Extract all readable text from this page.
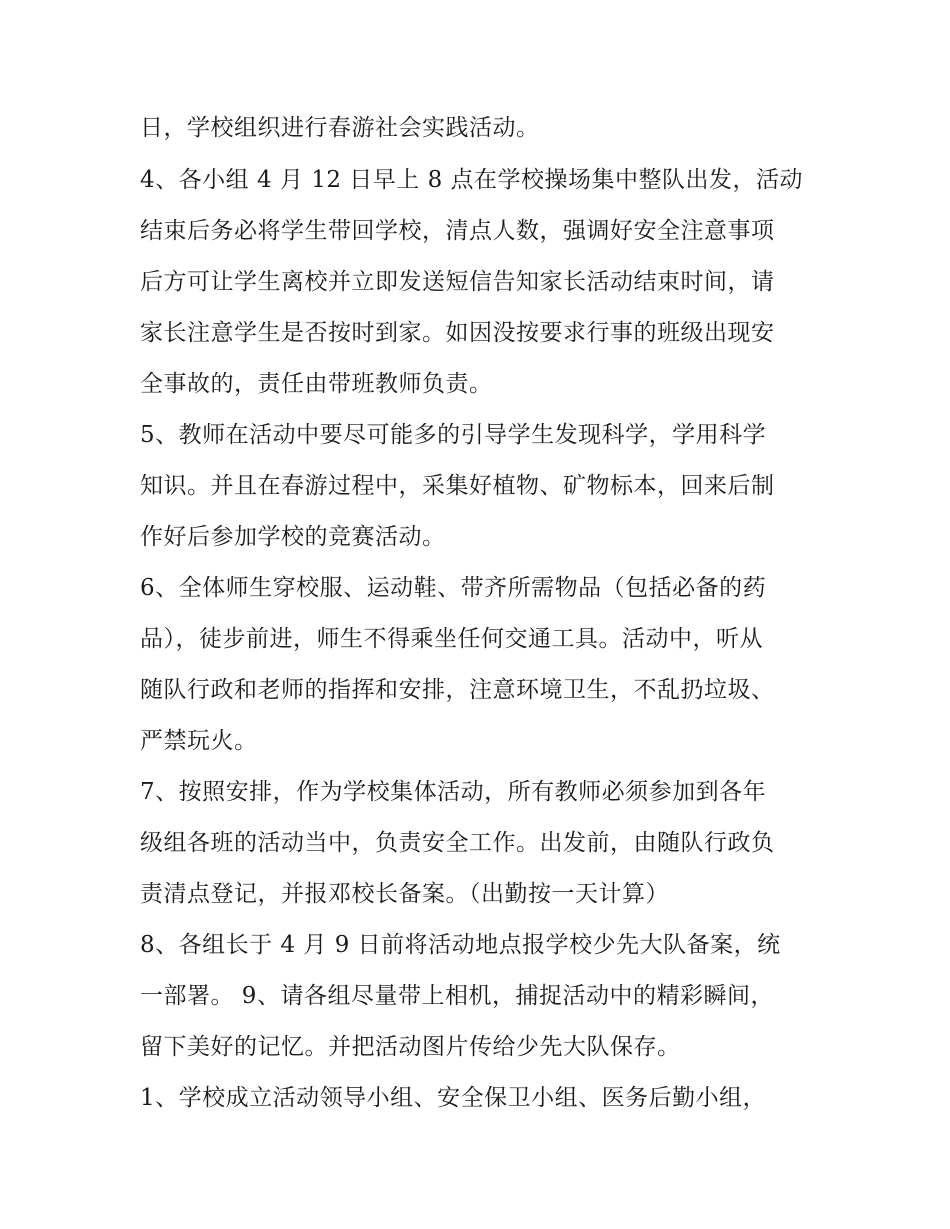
日，学校组织进行春游社会实践活动。
4、各小组 4 月 12 日早上 8 点在学校操场集中整队出发，活动
结束后务必将学生带回学校，清点人数，强调好安全注意事项
后方可让学生离校并立即发送短信告知家长活动结束时间，请
家长注意学生是否按时到家。如因没按要求行事的班级出现安
全事故的，责任由带班教师负责。
5、教师在活动中要尽可能多的引导学生发现科学，学用科学
知识。并且在春游过程中，采集好植物、矿物标本，回来后制
作好后参加学校的竞赛活动。
6、全体师生穿校服、运动鞋、带齐所需物品（包括必备的药
品），徒步前进，师生不得乘坐任何交通工具。活动中，听从
随队行政和老师的指挥和安排，注意环境卫生，不乱扔垃圾、
严禁玩火。
7、按照安排，作为学校集体活动，所有教师必须参加到各年
级组各班的活动当中，负责安全工作。出发前，由随队行政负
责清点登记，并报邓校长备案。（出勤按一天计算）
8、各组长于 4 月 9 日前将活动地点报学校少先大队备案，统
一部署。 9、请各组尽量带上相机，捕捉活动中的精彩瞬间，
留下美好的记忆。并把活动图片传给少先大队保存。
1、学校成立活动领导小组、安全保卫小组、医务后勤小组，
